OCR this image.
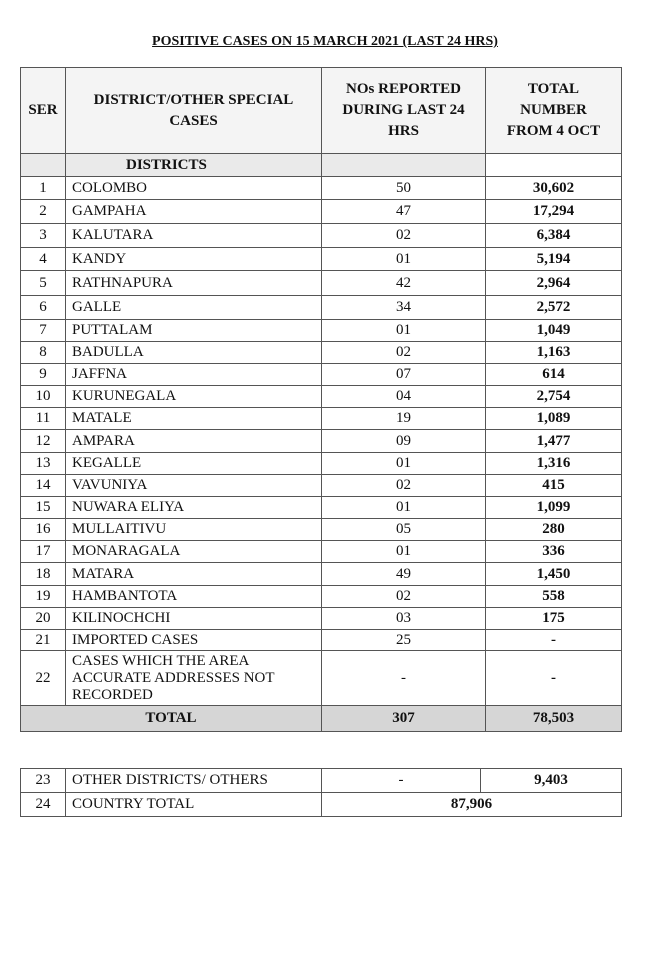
POSITIVE CASES ON 15 MARCH 2021 (LAST 24 HRS)
SER	DISTRICT/OTHER SPECIAL CASES	NOs REPORTED DURING LAST 24 HRS	TOTAL NUMBER FROM 4 OCT
	DISTRICTS		
1	COLOMBO	50	30,602
2	GAMPAHA	47	17,294
3	KALUTARA	02	6,384
4	KANDY	01	5,194
5	RATHNAPURA	42	2,964
6	GALLE	34	2,572
7	PUTTALAM	01	1,049
8	BADULLA	02	1,163
9	JAFFNA	07	614
10	KURUNEGALA	04	2,754
11	MATALE	19	1,089
12	AMPARA	09	1,477
13	KEGALLE	01	1,316
14	VAVUNIYA	02	415
15	NUWARA ELIYA	01	1,099
16	MULLAITIVU	05	280
17	MONARAGALA	01	336
18	MATARA	49	1,450
19	HAMBANTOTA	02	558
20	KILINOCHCHI	03	175
21	IMPORTED CASES	25	-
22	CASES WHICH THE AREA ACCURATE ADDRESSES NOT RECORDED	-	-
TOTAL		307	78,503
23	OTHER DISTRICTS/ OTHERS	-	9,403
24	COUNTRY TOTAL	87,906	
